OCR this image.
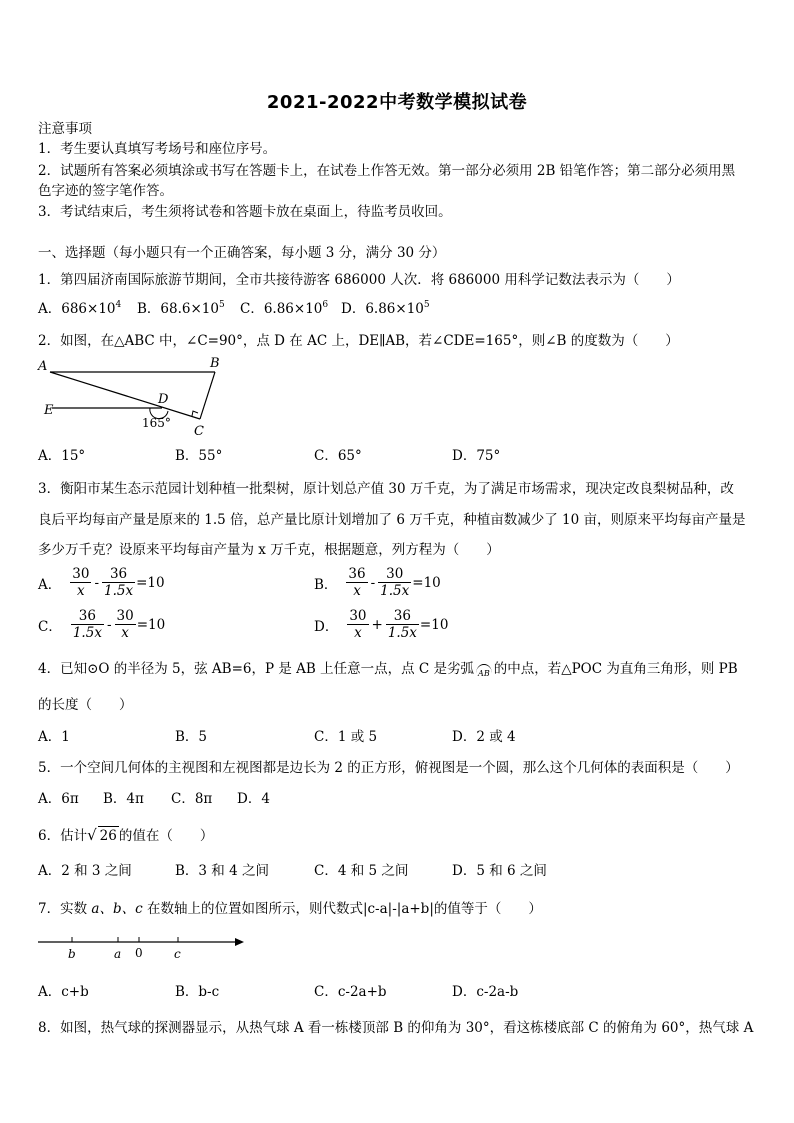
2021-2022中考数学模拟试卷
注意事项
1．考生要认真填写考场号和座位序号。
2．试题所有答案必须填涂或书写在答题卡上，在试卷上作答无效。第一部分必须用 2B 铅笔作答；第二部分必须用黑
色字迹的签字笔作答。
3．考试结束后，考生须将试卷和答题卡放在桌面上，待监考员收回。
一、选择题（每小题只有一个正确答案，每小题 3 分，满分 30 分）
1．第四届济南国际旅游节期间，全市共接待游客 686000 人次．将 686000 用科学记数法表示为（　　）
A．$686\times 10^4$ B．$68.6\times 10^5$ C．$6.86\times 10^6$ D．$6.86\times 10^5$
2．如图，在△ABC 中，∠C=90°，点 D 在 AC 上，DE∥AB，若∠CDE=165°，则∠B 的度数为（　　）
A	B
C
D
E
165°
A．15°	B．55°	C．65°	D．75°
3．衡阳市某生态示范园计划种植一批梨树，原计划总产值 30 万千克，为了满足市场需求，现决定改良梨树品种，改
良后平均每亩产量是原来的 1.5 倍，总产量比原计划增加了 6 万千克，种植亩数减少了 10 亩，则原来平均每亩产量是
多少万千克？设原来平均每亩产量为 x 万千克，根据题意，列方程为（　　）
A． $\frac{30}{x} - \frac{36}{1.5x} =10$	B． $\frac{36}{x} - \frac{30}{1.5x} =10$
C． $\frac{36}{1.5x} - \frac{30}{x} =10$	D． $\frac{30}{x} + \frac{36}{1.5x} =10$
4．已知⊙O 的半径为 5，弦 AB=6，P 是 AB 上任意一点，点 C 是劣弧 AB 的中点，若△POC 为直角三角形，则 PB
的长度（　　）
A．1	B．5	C．1 或 5	D．2 或 4
5．一个空间几何体的主视图和左视图都是边长为 2 的正方形，俯视图是一个圆，那么这个几何体的表面积是（　　）
A．6π B．4π C．8π D．4
6．估计√ 26 的值在（　　）
A．2 和 3 之间	B．3 和 4 之间	C．4 和 5 之间	D．5 和 6 之间
7．实数 a、b、c 在数轴上的位置如图所示，则代数式|c-a|-|a+b|的值等于（　　）
b	a 0	c
A．c+b	B．b-c	C．c-2a+b	D．c-2a-b
8．如图，热气球的探测器显示，从热气球 A 看一栋楼顶部 B 的仰角为 30°，看这栋楼底部 C 的俯角为 60°，热气球 A
